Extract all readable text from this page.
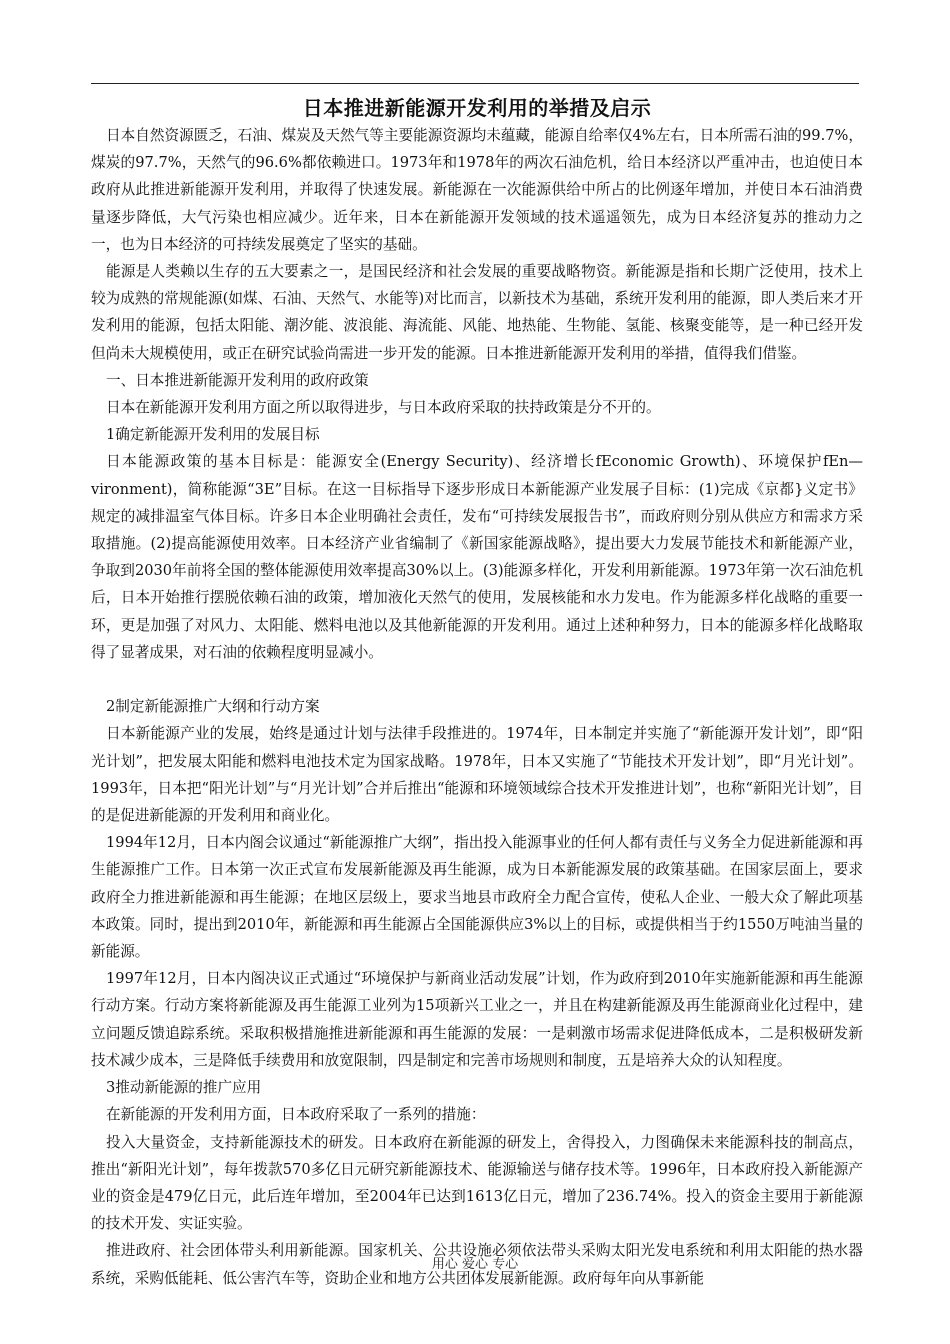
日本推进新能源开发利用的举措及启示

日本自然资源匮乏，石油、煤炭及天然气等主要能源资源均未蕴藏，能源自给率仅4%左右，日本所需石油的99.7%，煤炭的97.7%，天然气的96.6%都依赖进口。1973年和1978年的两次石油危机，给日本经济以严重冲击，也迫使日本政府从此推进新能源开发利用，并取得了快速发展。新能源在一次能源供给中所占的比例逐年增加，并使日本石油消费量逐步降低，大气污染也相应减少。近年来，日本在新能源开发领域的技术遥遥领先，成为日本经济复苏的推动力之一，也为日本经济的可持续发展奠定了坚实的基础。

能源是人类赖以生存的五大要素之一，是国民经济和社会发展的重要战略物资。新能源是指和长期广泛使用，技术上较为成熟的常规能源(如煤、石油、天然气、水能等)对比而言，以新技术为基础，系统开发利用的能源，即人类后来才开发利用的能源，包括太阳能、潮汐能、波浪能、海流能、风能、地热能、生物能、氢能、核聚变能等，是一种已经开发但尚未大规模使用，或正在研究试验尚需进一步开发的能源。日本推进新能源开发利用的举措，值得我们借鉴。

一、日本推进新能源开发利用的政府政策

日本在新能源开发利用方面之所以取得进步，与日本政府采取的扶持政策是分不开的。

1确定新能源开发利用的发展目标

日本能源政策的基本目标是：能源安全(Energy Security)、经济增长fEconomic Growth)、环境保护fEn— vironment)，简称能源“3E”目标。在这一目标指导下逐步形成日本新能源产业发展子目标：(1)完成《京都}义定书》规定的减排温室气体目标。许多日本企业明确社会责任，发布“可持续发展报告书”，而政府则分别从供应方和需求方采取措施。(2)提高能源使用效率。日本经济产业省编制了《新国家能源战略》，提出要大力发展节能技术和新能源产业，争取到2030年前将全国的整体能源使用效率提高30%以上。(3)能源多样化，开发利用新能源。1973年第一次石油危机后，日本开始推行摆脱依赖石油的政策，增加液化天然气的使用，发展核能和水力发电。作为能源多样化战略的重要一环，更是加强了对风力、太阳能、燃料电池以及其他新能源的开发利用。通过上述种种努力，日本的能源多样化战略取得了显著成果，对石油的依赖程度明显减小。

2制定新能源推广大纲和行动方案

日本新能源产业的发展，始终是通过计划与法律手段推进的。1974年，日本制定并实施了“新能源开发计划”，即“阳光计划”，把发展太阳能和燃料电池技术定为国家战略。1978年，日本又实施了“节能技术开发计划”，即“月光计划”。1993年，日本把“阳光计划”与“月光计划”合并后推出“能源和环境领域综合技术开发推进计划”，也称“新阳光计划”，目的是促进新能源的开发利用和商业化。

1994年12月，日本内阁会议通过“新能源推广大纲”，指出投入能源事业的任何人都有责任与义务全力促进新能源和再生能源推广工作。日本第一次正式宣布发展新能源及再生能源，成为日本新能源发展的政策基础。在国家层面上，要求政府全力推进新能源和再生能源；在地区层级上，要求当地县市政府全力配合宣传，使私人企业、一般大众了解此项基本政策。同时，提出到2010年，新能源和再生能源占全国能源供应3%以上的目标，或提供相当于约1550万吨油当量的新能源。

1997年12月，日本内阁决议正式通过“环境保护与新商业活动发展”计划，作为政府到2010年实施新能源和再生能源行动方案。行动方案将新能源及再生能源工业列为15项新兴工业之一，并且在构建新能源及再生能源商业化过程中，建立问题反馈追踪系统。采取积极措施推进新能源和再生能源的发展：一是刺激市场需求促进降低成本，二是积极研发新技术减少成本，三是降低手续费用和放宽限制，四是制定和完善市场规则和制度，五是培养大众的认知程度。

3推动新能源的推广应用

在新能源的开发利用方面，日本政府采取了一系列的措施：

投入大量资金，支持新能源技术的研发。日本政府在新能源的研发上，舍得投入，力图确保未来能源科技的制高点，推出“新阳光计划”，每年拨款570多亿日元研究新能源技术、能源输送与储存技术等。1996年，日本政府投入新能源产业的资金是479亿日元，此后连年增加，至2004年已达到1613亿日元，增加了236.74%。投入的资金主要用于新能源的技术开发、实证实验。

推进政府、社会团体带头利用新能源。国家机关、公共设施必须依法带头采购太阳光发电系统和利用太阳能的热水器系统，采购低能耗、低公害汽车等，资助企业和地方公共团体发展新能源。政府每年向从事新能

用心 爱心 专心
